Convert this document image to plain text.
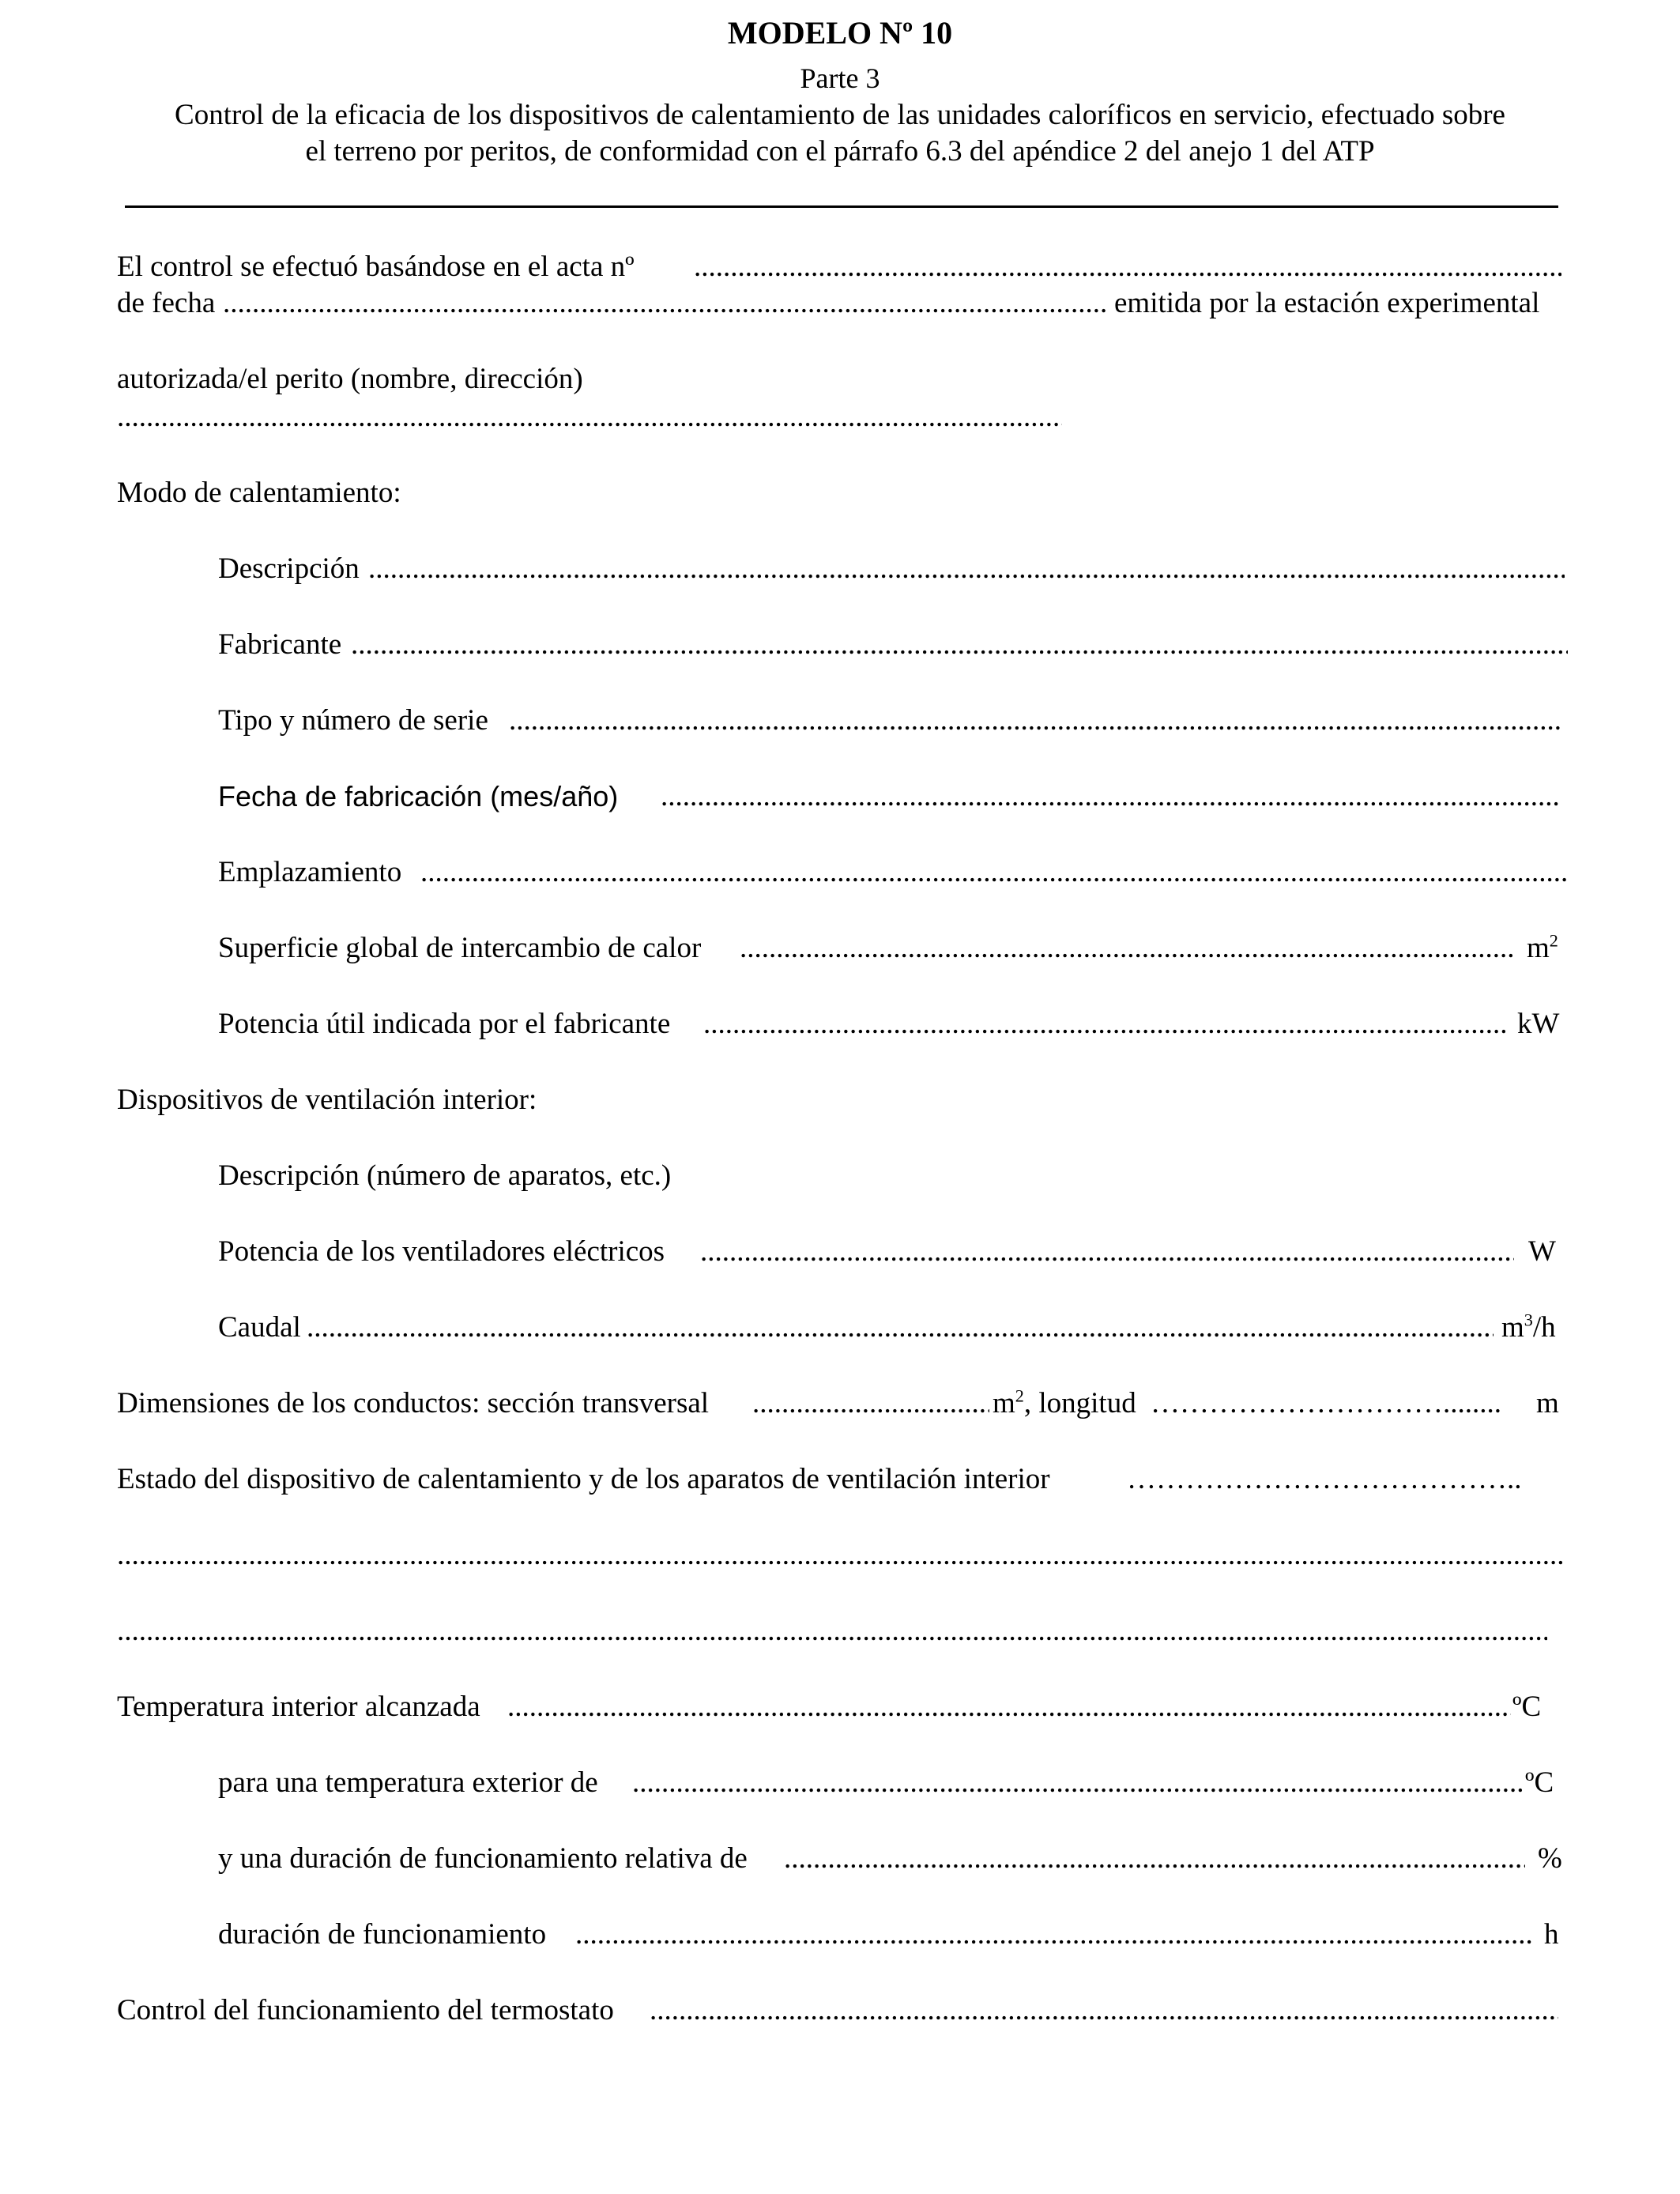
MODELO Nº 10
Parte 3
Control de la eficacia de los dispositivos de calentamiento de las unidades caloríficos en servicio, efectuado sobre
el terreno por peritos, de conformidad con el párrafo 6.3 del apéndice 2 del anejo 1 del ATP
El control se efectuó basándose en el acta nº
.....
de fecha .....	emitida por la estación experimental
autorizada/el perito (nombre, dirección)
.....
Modo de calentamiento:
Descripción
.....
Fabricante
.....
Tipo y número de serie
.....
Fecha de fabricación (mes/año)
.....
Emplazamiento
.....
Superficie global de intercambio de calor .....	$m^2$
Potencia útil indicada por el fabricante .....	kW
Dispositivos de ventilación interior:
Descripción (número de aparatos, etc.)
Potencia de los ventiladores eléctricos .....	W
Caudal .....	$m^3/h$
Dimensiones de los conductos: sección transversal .....	$m^2$, longitud …………………………........ m
Estado del dispositivo de calentamiento y de los aparatos de ventilación interior	…………………………………..
.....
.....
Temperatura interior alcanzada .....	ºC
para una temperatura exterior de .....	ºC
y una duración de funcionamiento relativa de .....	%
duración de funcionamiento .....	h
Control del funcionamiento del termostato
.....
